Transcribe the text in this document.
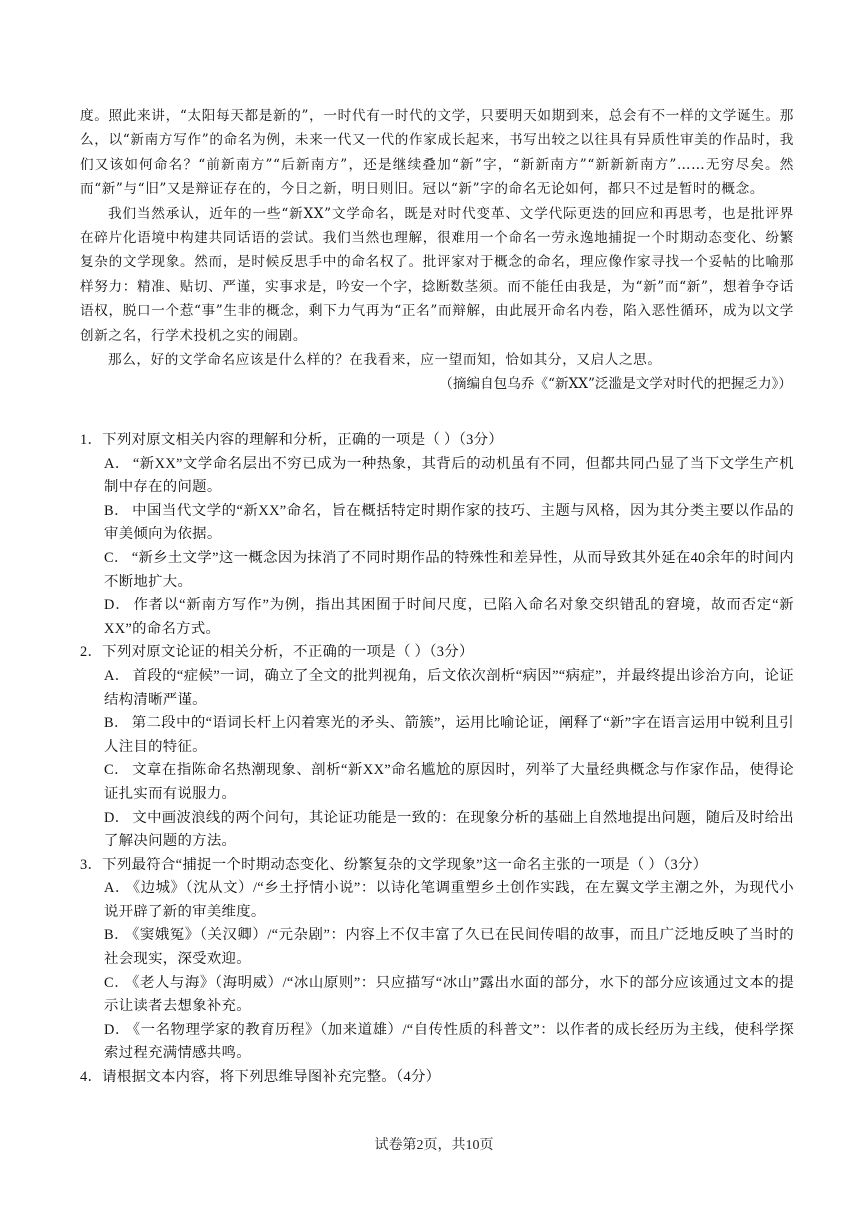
度。照此来讲，“太阳每天都是新的”，一时代有一时代的文学，只要明天如期到来，总会有不一样的文学诞生。那么，以“新南方写作”的命名为例，未来一代又一代的作家成长起来，书写出较之以往具有异质性审美的作品时，我们又该如何命名？“前新南方”“后新南方”，还是继续叠加“新”字，“新新南方”“新新新南方”……无穷尽矣。然而“新”与“旧”又是辩证存在的，今日之新，明日则旧。冠以“新”字的命名无论如何，都只不过是暂时的概念。

我们当然承认，近年的一些“新XX”文学命名，既是对时代变革、文学代际更迭的回应和再思考，也是批评界在碎片化语境中构建共同话语的尝试。我们当然也理解，很难用一个命名一劳永逸地捕捉一个时期动态变化、纷繁复杂的文学现象。然而，是时候反思手中的命名权了。批评家对于概念的命名，理应像作家寻找一个妥帖的比喻那样努力：精准、贴切、严谨，实事求是，吟安一个字，捻断数茎须。而不能任由我是，为“新”而“新”，想着争夺话语权，脱口一个惹“事”生非的概念，剩下力气再为“正名”而辩解，由此展开命名内卷，陷入恶性循环，成为以文学创新之名，行学术投机之实的闹剧。

那么，好的文学命名应该是什么样的？在我看来，应一望而知，恰如其分，又启人之思。

（摘编自包乌乔《“新XX”泛滥是文学对时代的把握乏力》）

1．下列对原文相关内容的理解和分析，正确的一项是（ ）（3分）

A． “新XX”文学命名层出不穷已成为一种热象，其背后的动机虽有不同，但都共同凸显了当下文学生产机制中存在的问题。

B． 中国当代文学的“新XX”命名，旨在概括特定时期作家的技巧、主题与风格，因为其分类主要以作品的审美倾向为依据。

C． “新乡土文学”这一概念因为抹消了不同时期作品的特殊性和差异性，从而导致其外延在40余年的时间内不断地扩大。

D． 作者以“新南方写作”为例，指出其困囿于时间尺度，已陷入命名对象交织错乱的窘境，故而否定“新XX”的命名方式。

2．下列对原文论证的相关分析，不正确的一项是（ ）（3分）

A． 首段的“症候”一词，确立了全文的批判视角，后文依次剖析“病因”“病症”，并最终提出诊治方向，论证结构清晰严谨。

B． 第二段中的“语词长杆上闪着寒光的矛头、箭簇”，运用比喻论证，阐释了“新”字在语言运用中锐利且引人注目的特征。

C． 文章在指陈命名热潮现象、剖析“新XX”命名尴尬的原因时，列举了大量经典概念与作家作品，使得论证扎实而有说服力。

D． 文中画波浪线的两个问句，其论证功能是一致的：在现象分析的基础上自然地提出问题，随后及时给出了解决问题的方法。

3．下列最符合“捕捉一个时期动态变化、纷繁复杂的文学现象”这一命名主张的一项是（ ）（3分）

A． 《边城》（沈从文）/“乡土抒情小说”：以诗化笔调重塑乡土创作实践，在左翼文学主潮之外，为现代小说开辟了新的审美维度。

B． 《窦娥冤》（关汉卿）/“元杂剧”：内容上不仅丰富了久已在民间传唱的故事，而且广泛地反映了当时的社会现实，深受欢迎。

C． 《老人与海》（海明威）/“冰山原则”：只应描写“冰山”露出水面的部分，水下的部分应该通过文本的提示让读者去想象补充。

D． 《一名物理学家的教育历程》（加来道雄）/“自传性质的科普文”：以作者的成长经历为主线，使科学探索过程充满情感共鸣。

4．请根据文本内容，将下列思维导图补充完整。（4分）

试卷第2页，共10页
